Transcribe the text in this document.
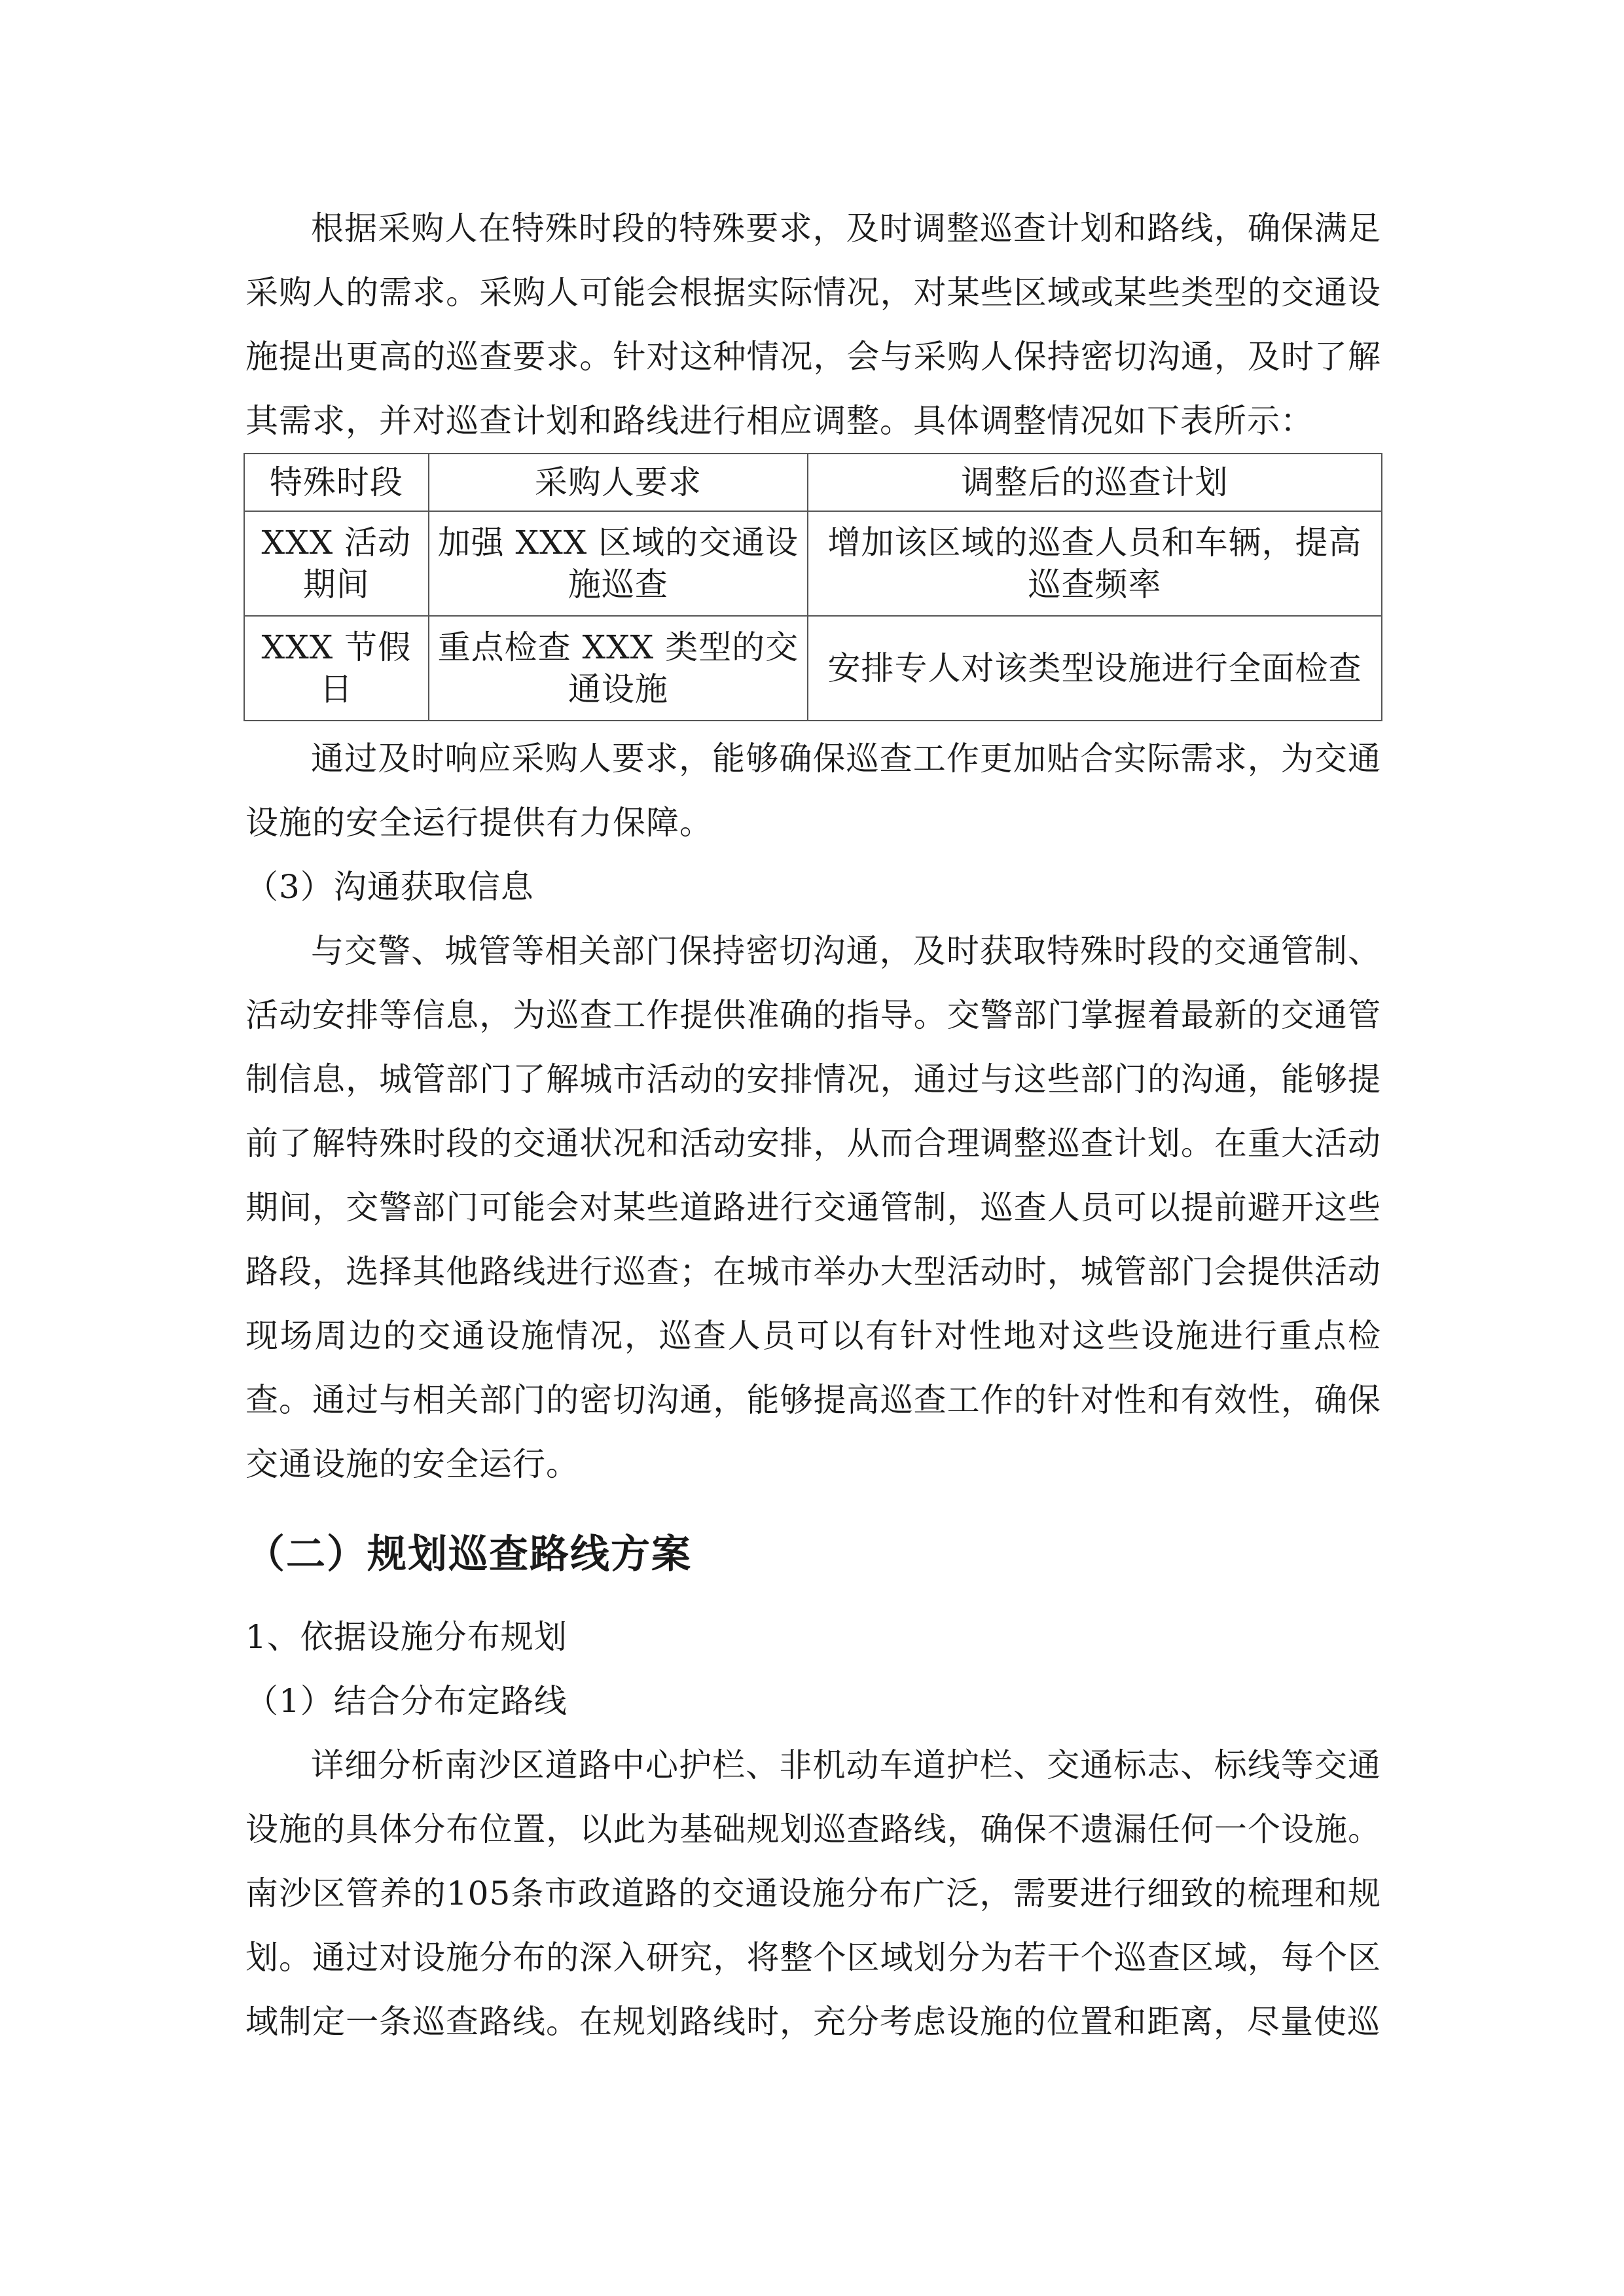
根据采购人在特殊时段的特殊要求，及时调整巡查计划和路线，确保满足采购人的需求。采购人可能会根据实际情况，对某些区域或某些类型的交通设施提出更高的巡查要求。针对这种情况，会与采购人保持密切沟通，及时了解其需求，并对巡查计划和路线进行相应调整。具体调整情况如下表所示：

特殊时段	采购人要求	调整后的巡查计划
XXX 活动期间	加强 XXX 区域的交通设施巡查	增加该区域的巡查人员和车辆，提高巡查频率
XXX 节假日	重点检查 XXX 类型的交通设施	安排专人对该类型设施进行全面检查

通过及时响应采购人要求，能够确保巡查工作更加贴合实际需求，为交通设施的安全运行提供有力保障。

（3）沟通获取信息

与交警、城管等相关部门保持密切沟通，及时获取特殊时段的交通管制、活动安排等信息，为巡查工作提供准确的指导。交警部门掌握着最新的交通管制信息，城管部门了解城市活动的安排情况，通过与这些部门的沟通，能够提前了解特殊时段的交通状况和活动安排，从而合理调整巡查计划。在重大活动期间，交警部门可能会对某些道路进行交通管制，巡查人员可以提前避开这些路段，选择其他路线进行巡查；在城市举办大型活动时，城管部门会提供活动现场周边的交通设施情况，巡查人员可以有针对性地对这些设施进行重点检查。通过与相关部门的密切沟通，能够提高巡查工作的针对性和有效性，确保交通设施的安全运行。

（二）规划巡查路线方案

1、依据设施分布规划

（1）结合分布定路线

详细分析南沙区道路中心护栏、非机动车道护栏、交通标志、标线等交通设施的具体分布位置，以此为基础规划巡查路线，确保不遗漏任何一个设施。南沙区管养的105条市政道路的交通设施分布广泛，需要进行细致的梳理和规划。通过对设施分布的深入研究，将整个区域划分为若干个巡查区域，每个区域制定一条巡查路线。在规划路线时，充分考虑设施的位置和距离，尽量使巡
